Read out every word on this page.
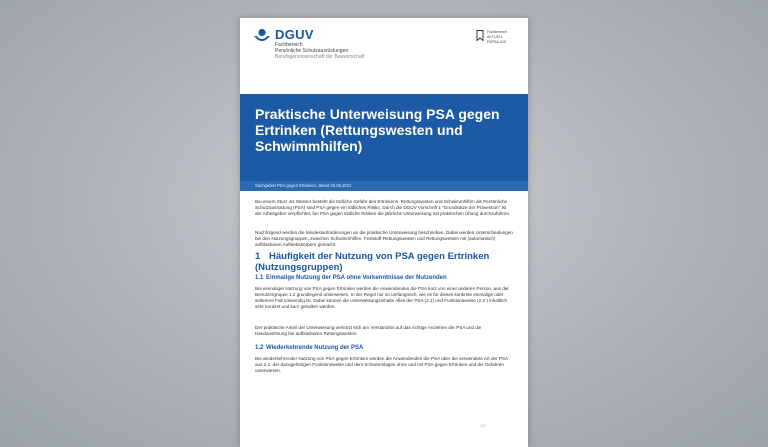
DGUV
Fachbereich
Persönliche Schutzausrüstungen
Berufsgenossenschaft der Bauwirtschaft
Fachbereich
AKTUELL
FBPSA-016
Praktische Unterweisung PSA gegen Ertrinken (Rettungswesten und Schwimmhilfen)
Sachgebiet PSA gegen Ertrinken, Stand 05.05.2021
Bei einem Sturz ins Wasser besteht die tödliche Gefahr des Ertrinkens. Rettungswesten und Schwimmhilfen als Persönliche Schutzausrüstung (PSA) sind PSA gegen ein tödliches Risiko. Durch die DGUV Vorschrift 1 "Grundsätze der Prävention" ist der Arbeitgeber verpflichtet, bei PSA gegen tödliche Risiken die jährliche Unterweisung mit praktischen Übung durchzuführen.
Nachfolgend werden die Mindestanforderungen an die praktische Unterweisung beschrieben. Dabei werden Unterscheidungen bei den Nutzungsgruppen, zwischen Schwimmhilfen, Feststoff-Rettungswesten und Rettungswesten mit (automatisch) aufblasbaren Auftriebskörpern gemacht.
1 Häufigkeit der Nutzung von PSA gegen Ertrinken (Nutzungsgruppen)
1.1 Einmalige Nutzung der PSA ohne Vorkenntnisse der Nutzenden
Bei einmaliger Nutzung von PSA gegen Ertrinken werden die Anwendenden die PSA kurz von einer anderen Person, aus der Benutzergruppe 1.2 grundlegend unterwiesen. In der Regel nur so umfangreich, wie es für dieses konkrete einmalige oder seltenere Fall notwendig ist. Dabei können die Unterweisungsinhalte Alles der PSA (2.1) und Funktionsweise (2.2 ) inhaltlich sehr konkret und kurz gehalten werden.
Der praktische Anteil der Unterweisung verkürzt sich am Verständnis auf das richtige Anziehen der PSA und die Handauslösung bei aufblasbaren Rettungswesten.
1.2 Wiederkehrende Nutzung der PSA
Bei wiederkehrender Nutzung von PSA gegen Ertrinken werden die Anwendenden die PSA über die verwendete Art der PSA aus 2.2, der dazugehörigen Funktionsweise und dem Schwimmlagen ohne und mit PSA gegen Ertrinken und die Gefahren unterwiesen.
1/5
